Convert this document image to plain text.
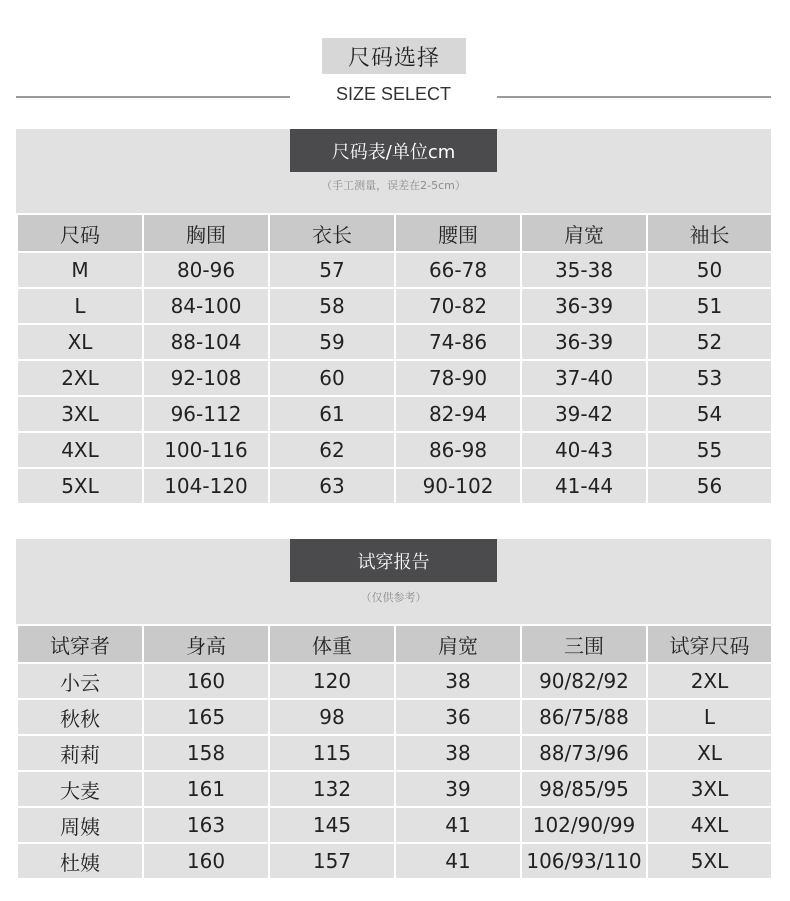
尺码选择
SIZE SELECT
尺码表/单位cm
（手工测量，误差在2-5cm）
尺码	胸围	衣长	腰围	肩宽	袖长
M	80-96	57	66-78	35-38	50
L	84-100	58	70-82	36-39	51
XL	88-104	59	74-86	36-39	52
2XL	92-108	60	78-90	37-40	53
3XL	96-112	61	82-94	39-42	54
4XL	100-116	62	86-98	40-43	55
5XL	104-120	63	90-102	41-44	56
试穿报告
（仅供参考）
试穿者	身高	体重	肩宽	三围	试穿尺码
小云	160	120	38	90/82/92	2XL
秋秋	165	98	36	86/75/88	L
莉莉	158	115	38	88/73/96	XL
大麦	161	132	39	98/85/95	3XL
周姨	163	145	41	102/90/99	4XL
杜姨	160	157	41	106/93/110	5XL
